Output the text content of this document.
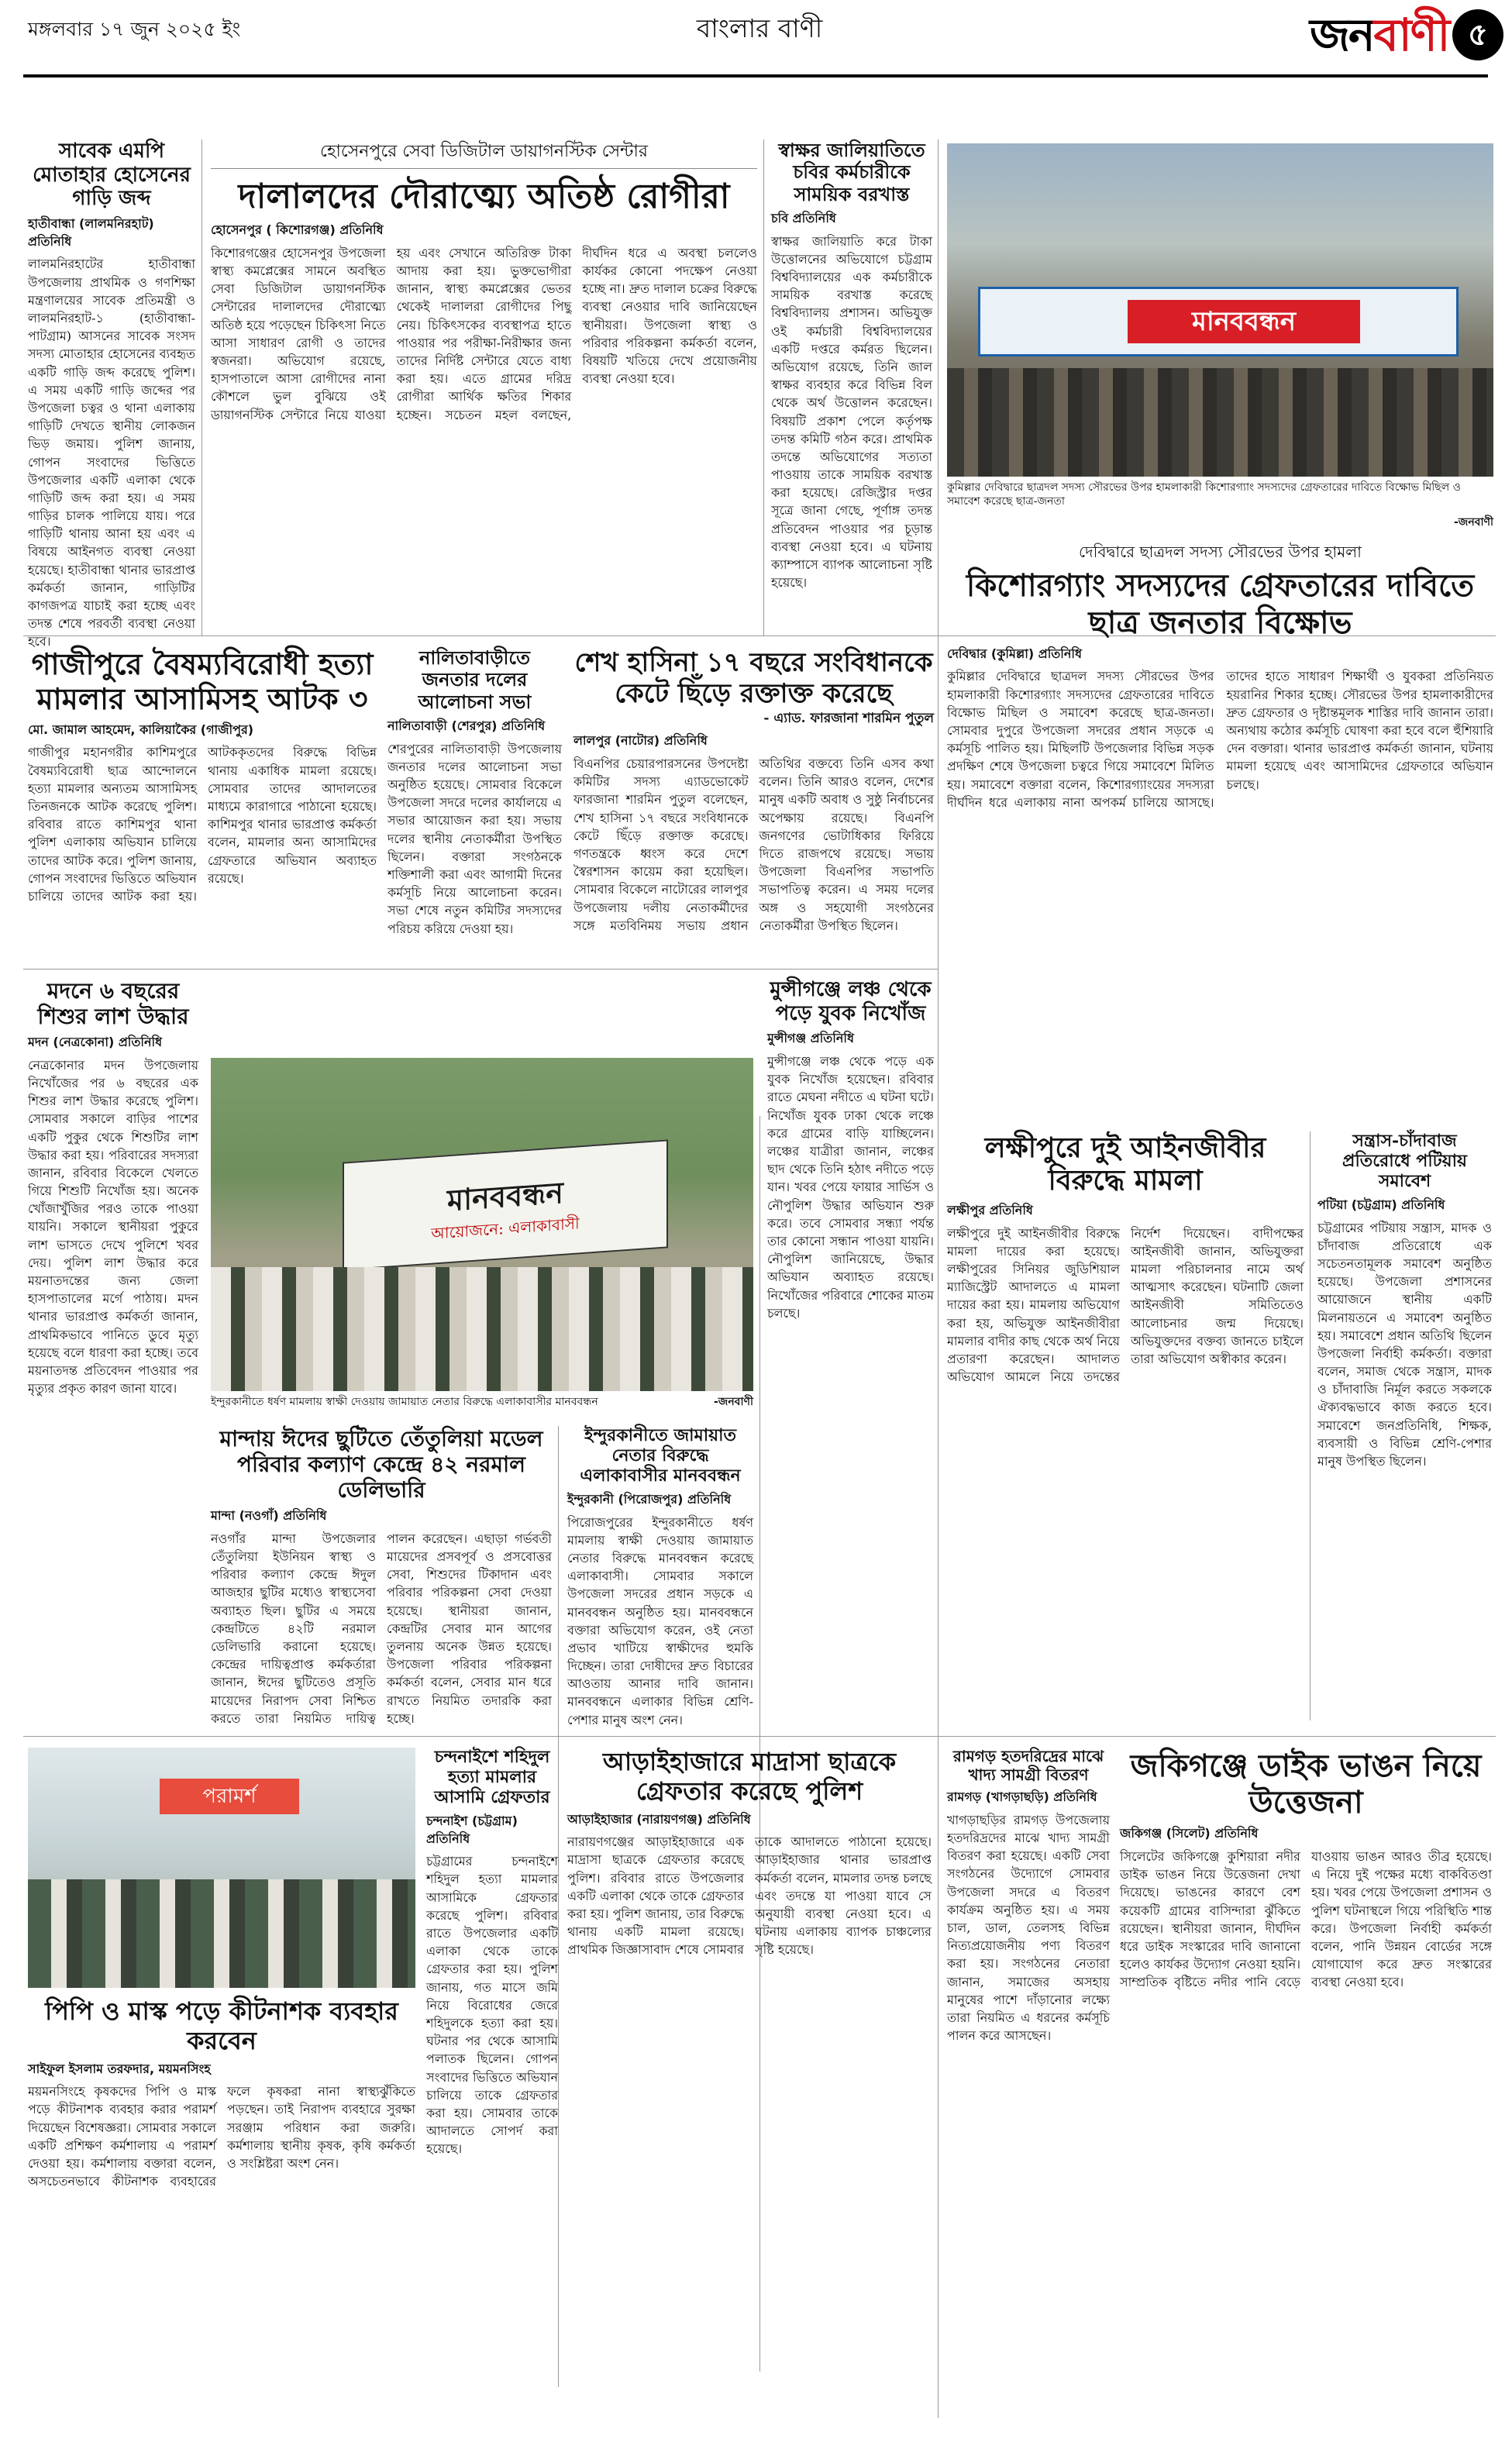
মঙ্গলবার ১৭ জুন ২০২৫ ইং	বাংলার বাণী	জনবাণী ৫
সাবেক এমপি মোতাহার হোসেনের গাড়ি জব্দ
হাতীবান্ধা (লালমনিরহাট) প্রতিনিধি

লালমনিরহাটের হাতীবান্ধা উপজেলায় প্রাথমিক ও গণশিক্ষা মন্ত্রণালয়ের সাবেক প্রতিমন্ত্রী ও লালমনিরহাট-১ (হাতীবান্ধা-পাটগ্রাম) আসনের সাবেক সংসদ সদস্য মোতাহার হোসেনের ব্যবহৃত একটি গাড়ি জব্দ করেছে পুলিশ। এ সময় একটি গাড়ি জব্দের পর উপজেলা চত্বর ও থানা এলাকায় গাড়িটি দেখতে স্থানীয় লোকজন ভিড় জমায়। পুলিশ জানায়, গোপন সংবাদের ভিত্তিতে উপজেলার একটি এলাকা থেকে গাড়িটি জব্দ করা হয়। এ সময় গাড়ির চালক পালিয়ে যায়। পরে গাড়িটি থানায় আনা হয় এবং এ বিষয়ে আইনগত ব্যবস্থা নেওয়া হয়েছে। হাতীবান্ধা থানার ভারপ্রাপ্ত কর্মকর্তা জানান, গাড়িটির কাগজপত্র যাচাই করা হচ্ছে এবং তদন্ত শেষে পরবর্তী ব্যবস্থা নেওয়া হবে।

হোসেনপুরে সেবা ডিজিটাল ডায়াগনস্টিক সেন্টার
দালালদের দৌরাত্ম্যে অতিষ্ঠ রোগীরা
হোসেনপুর ( কিশোরগঞ্জ) প্রতিনিধি

কিশোরগঞ্জের হোসেনপুর উপজেলা স্বাস্থ্য কমপ্লেক্সের সামনে অবস্থিত সেবা ডিজিটাল ডায়াগনস্টিক সেন্টারের দালালদের দৌরাত্ম্যে অতিষ্ঠ হয়ে পড়েছেন চিকিৎসা নিতে আসা সাধারণ রোগী ও তাদের স্বজনরা। অভিযোগ রয়েছে, হাসপাতালে আসা রোগীদের নানা কৌশলে ভুল বুঝিয়ে ওই ডায়াগনস্টিক সেন্টারে নিয়ে যাওয়া হয় এবং সেখানে অতিরিক্ত টাকা আদায় করা হয়। ভুক্তভোগীরা জানান, স্বাস্থ্য কমপ্লেক্সের ভেতর থেকেই দালালরা রোগীদের পিছু নেয়। চিকিৎসকের ব্যবস্থাপত্র হাতে পাওয়ার পর পরীক্ষা-নিরীক্ষার জন্য তাদের নির্দিষ্ট সেন্টারে যেতে বাধ্য করা হয়। এতে গ্রামের দরিদ্র রোগীরা আর্থিক ক্ষতির শিকার হচ্ছেন। সচেতন মহল বলছেন, দীর্ঘদিন ধরে এ অবস্থা চললেও কার্যকর কোনো পদক্ষেপ নেওয়া হচ্ছে না। দ্রুত দালাল চক্রের বিরুদ্ধে ব্যবস্থা নেওয়ার দাবি জানিয়েছেন স্থানীয়রা। উপজেলা স্বাস্থ্য ও পরিবার পরিকল্পনা কর্মকর্তা বলেন, বিষয়টি খতিয়ে দেখে প্রয়োজনীয় ব্যবস্থা নেওয়া হবে।

স্বাক্ষর জালিয়াতিতে চবির কর্মচারীকে সাময়িক বরখাস্ত
চবি প্রতিনিধি

স্বাক্ষর জালিয়াতি করে টাকা উত্তোলনের অভিযোগে চট্টগ্রাম বিশ্ববিদ্যালয়ের এক কর্মচারীকে সাময়িক বরখাস্ত করেছে বিশ্ববিদ্যালয় প্রশাসন। অভিযুক্ত ওই কর্মচারী বিশ্ববিদ্যালয়ের একটি দপ্তরে কর্মরত ছিলেন। অভিযোগ রয়েছে, তিনি জাল স্বাক্ষর ব্যবহার করে বিভিন্ন বিল থেকে অর্থ উত্তোলন করেছেন। বিষয়টি প্রকাশ পেলে কর্তৃপক্ষ তদন্ত কমিটি গঠন করে। প্রাথমিক তদন্তে অভিযোগের সত্যতা পাওয়ায় তাকে সাময়িক বরখাস্ত করা হয়েছে। রেজিস্ট্রার দপ্তর সূত্রে জানা গেছে, পূর্ণাঙ্গ তদন্ত প্রতিবেদন পাওয়ার পর চূড়ান্ত ব্যবস্থা নেওয়া হবে। এ ঘটনায় ক্যাম্পাসে ব্যাপক আলোচনা সৃষ্টি হয়েছে।

মানববন্ধন
কুমিল্লার দেবিদ্বারে ছাত্রদল সদস্য সৌরভের উপর হামলাকারী কিশোরগ্যাং সদস্যদের গ্রেফতারের দাবিতে বিক্ষোভ মিছিল ও সমাবেশ করেছে ছাত্র-জনতা
-জনবাণী
দেবিদ্বারে ছাত্রদল সদস্য সৌরভের উপর হামলা
কিশোরগ্যাং সদস্যদের গ্রেফতারের দাবিতে ছাত্র জনতার বিক্ষোভ
দেবিদ্বার (কুমিল্লা) প্রতিনিধি

কুমিল্লার দেবিদ্বারে ছাত্রদল সদস্য সৌরভের উপর হামলাকারী কিশোরগ্যাং সদস্যদের গ্রেফতারের দাবিতে বিক্ষোভ মিছিল ও সমাবেশ করেছে ছাত্র-জনতা। সোমবার দুপুরে উপজেলা সদরের প্রধান সড়কে এ কর্মসূচি পালিত হয়। মিছিলটি উপজেলার বিভিন্ন সড়ক প্রদক্ষিণ শেষে উপজেলা চত্বরে গিয়ে সমাবেশে মিলিত হয়। সমাবেশে বক্তারা বলেন, কিশোরগ্যাংয়ের সদস্যরা দীর্ঘদিন ধরে এলাকায় নানা অপকর্ম চালিয়ে আসছে। তাদের হাতে সাধারণ শিক্ষার্থী ও যুবকরা প্রতিনিয়ত হয়রানির শিকার হচ্ছে। সৌরভের উপর হামলাকারীদের দ্রুত গ্রেফতার ও দৃষ্টান্তমূলক শাস্তির দাবি জানান তারা। অন্যথায় কঠোর কর্মসূচি ঘোষণা করা হবে বলে হুঁশিয়ারি দেন বক্তারা। থানার ভারপ্রাপ্ত কর্মকর্তা জানান, ঘটনায় মামলা হয়েছে এবং আসামিদের গ্রেফতারে অভিযান চলছে।

গাজীপুরে বৈষম্যবিরোধী হত্যা মামলার আসামিসহ আটক ৩
মো. জামাল আহমেদ, কালিয়াকৈর (গাজীপুর)

গাজীপুর মহানগরীর কাশিমপুরে বৈষম্যবিরোধী ছাত্র আন্দোলনে হত্যা মামলার অন্যতম আসামিসহ তিনজনকে আটক করেছে পুলিশ। রবিবার রাতে কাশিমপুর থানা পুলিশ এলাকায় অভিযান চালিয়ে তাদের আটক করে। পুলিশ জানায়, গোপন সংবাদের ভিত্তিতে অভিযান চালিয়ে তাদের আটক করা হয়। আটককৃতদের বিরুদ্ধে বিভিন্ন থানায় একাধিক মামলা রয়েছে। সোমবার তাদের আদালতের মাধ্যমে কারাগারে পাঠানো হয়েছে। কাশিমপুর থানার ভারপ্রাপ্ত কর্মকর্তা বলেন, মামলার অন্য আসামিদের গ্রেফতারে অভিযান অব্যাহত রয়েছে।

নালিতাবাড়ীতে জনতার দলের আলোচনা সভা
নালিতাবাড়ী (শেরপুর) প্রতিনিধি

শেরপুরের নালিতাবাড়ী উপজেলায় জনতার দলের আলোচনা সভা অনুষ্ঠিত হয়েছে। সোমবার বিকেলে উপজেলা সদরে দলের কার্যালয়ে এ সভার আয়োজন করা হয়। সভায় দলের স্থানীয় নেতাকর্মীরা উপস্থিত ছিলেন। বক্তারা সংগঠনকে শক্তিশালী করা এবং আগামী দিনের কর্মসূচি নিয়ে আলোচনা করেন। সভা শেষে নতুন কমিটির সদস্যদের পরিচয় করিয়ে দেওয়া হয়।

শেখ হাসিনা ১৭ বছরে সংবিধানকে কেটে ছিঁড়ে রক্তাক্ত করেছে
- এ্যাড. ফারজানা শারমিন পুতুল
লালপুর (নাটোর) প্রতিনিধি

বিএনপির চেয়ারপারসনের উপদেষ্টা কমিটির সদস্য এ্যাডভোকেট ফারজানা শারমিন পুতুল বলেছেন, শেখ হাসিনা ১৭ বছরে সংবিধানকে কেটে ছিঁড়ে রক্তাক্ত করেছে। গণতন্ত্রকে ধ্বংস করে দেশে স্বৈরশাসন কায়েম করা হয়েছিল। সোমবার বিকেলে নাটোরের লালপুর উপজেলায় দলীয় নেতাকর্মীদের সঙ্গে মতবিনিময় সভায় প্রধান অতিথির বক্তব্যে তিনি এসব কথা বলেন। তিনি আরও বলেন, দেশের মানুষ একটি অবাধ ও সুষ্ঠু নির্বাচনের অপেক্ষায় রয়েছে। বিএনপি জনগণের ভোটাধিকার ফিরিয়ে দিতে রাজপথে রয়েছে। সভায় উপজেলা বিএনপির সভাপতি সভাপতিত্ব করেন। এ সময় দলের অঙ্গ ও সহযোগী সংগঠনের নেতাকর্মীরা উপস্থিত ছিলেন।

মদনে ৬ বছরের শিশুর লাশ উদ্ধার
মদন (নেত্রকোনা) প্রতিনিধি

নেত্রকোনার মদন উপজেলায় নিখোঁজের পর ৬ বছরের এক শিশুর লাশ উদ্ধার করেছে পুলিশ। সোমবার সকালে বাড়ির পাশের একটি পুকুর থেকে শিশুটির লাশ উদ্ধার করা হয়। পরিবারের সদস্যরা জানান, রবিবার বিকেলে খেলতে গিয়ে শিশুটি নিখোঁজ হয়। অনেক খোঁজাখুঁজির পরও তাকে পাওয়া যায়নি। সকালে স্থানীয়রা পুকুরে লাশ ভাসতে দেখে পুলিশে খবর দেয়। পুলিশ লাশ উদ্ধার করে ময়নাতদন্তের জন্য জেলা হাসপাতালের মর্গে পাঠায়। মদন থানার ভারপ্রাপ্ত কর্মকর্তা জানান, প্রাথমিকভাবে পানিতে ডুবে মৃত্যু হয়েছে বলে ধারণা করা হচ্ছে। তবে ময়নাতদন্ত প্রতিবেদন পাওয়ার পর মৃত্যুর প্রকৃত কারণ জানা যাবে।

মানববন্ধন
আয়োজনে: এলাকাবাসী
ইন্দুরকানীতে ধর্ষণ মামলায় স্বাক্ষী দেওয়ায় জামায়াত নেতার বিরুদ্ধে এলাকাবাসীর মানববন্ধন	-জনবাণী
মুন্সীগঞ্জে লঞ্চ থেকে পড়ে যুবক নিখোঁজ
মুন্সীগঞ্জ প্রতিনিধি

মুন্সীগঞ্জে লঞ্চ থেকে পড়ে এক যুবক নিখোঁজ হয়েছেন। রবিবার রাতে মেঘনা নদীতে এ ঘটনা ঘটে। নিখোঁজ যুবক ঢাকা থেকে লঞ্চে করে গ্রামের বাড়ি যাচ্ছিলেন। লঞ্চের যাত্রীরা জানান, লঞ্চের ছাদ থেকে তিনি হঠাৎ নদীতে পড়ে যান। খবর পেয়ে ফায়ার সার্ভিস ও নৌপুলিশ উদ্ধার অভিযান শুরু করে। তবে সোমবার সন্ধ্যা পর্যন্ত তার কোনো সন্ধান পাওয়া যায়নি। নৌপুলিশ জানিয়েছে, উদ্ধার অভিযান অব্যাহত রয়েছে। নিখোঁজের পরিবারে শোকের মাতম চলছে।

লক্ষীপুরে দুই আইনজীবীর বিরুদ্ধে মামলা
লক্ষীপুর প্রতিনিধি

লক্ষীপুরে দুই আইনজীবীর বিরুদ্ধে মামলা দায়ের করা হয়েছে। লক্ষীপুরের সিনিয়র জুডিশিয়াল ম্যাজিস্ট্রেট আদালতে এ মামলা দায়ের করা হয়। মামলায় অভিযোগ করা হয়, অভিযুক্ত আইনজীবীরা মামলার বাদীর কাছ থেকে অর্থ নিয়ে প্রতারণা করেছেন। আদালত অভিযোগ আমলে নিয়ে তদন্তের নির্দেশ দিয়েছেন। বাদীপক্ষের আইনজীবী জানান, অভিযুক্তরা মামলা পরিচালনার নামে অর্থ আত্মসাৎ করেছেন। ঘটনাটি জেলা আইনজীবী সমিতিতেও আলোচনার জন্ম দিয়েছে। অভিযুক্তদের বক্তব্য জানতে চাইলে তারা অভিযোগ অস্বীকার করেন।

সন্ত্রাস-চাঁদাবাজ প্রতিরোধে পটিয়ায় সমাবেশ
পটিয়া (চট্টগ্রাম) প্রতিনিধি

চট্টগ্রামের পটিয়ায় সন্ত্রাস, মাদক ও চাঁদাবাজ প্রতিরোধে এক সচেতনতামূলক সমাবেশ অনুষ্ঠিত হয়েছে। উপজেলা প্রশাসনের আয়োজনে স্থানীয় একটি মিলনায়তনে এ সমাবেশ অনুষ্ঠিত হয়। সমাবেশে প্রধান অতিথি ছিলেন উপজেলা নির্বাহী কর্মকর্তা। বক্তারা বলেন, সমাজ থেকে সন্ত্রাস, মাদক ও চাঁদাবাজি নির্মূল করতে সকলকে ঐক্যবদ্ধভাবে কাজ করতে হবে। সমাবেশে জনপ্রতিনিধি, শিক্ষক, ব্যবসায়ী ও বিভিন্ন শ্রেণি-পেশার মানুষ উপস্থিত ছিলেন।

মান্দায় ঈদের ছুটিতে তেঁতুলিয়া মডেল পরিবার কল্যাণ কেন্দ্রে ৪২ নরমাল ডেলিভারি
মান্দা (নওগাঁ) প্রতিনিধি

নওগাঁর মান্দা উপজেলার তেঁতুলিয়া ইউনিয়ন স্বাস্থ্য ও পরিবার কল্যাণ কেন্দ্রে ঈদুল আজহার ছুটির মধ্যেও স্বাস্থ্যসেবা অব্যাহত ছিল। ছুটির এ সময়ে কেন্দ্রটিতে ৪২টি নরমাল ডেলিভারি করানো হয়েছে। কেন্দ্রের দায়িত্বপ্রাপ্ত কর্মকর্তারা জানান, ঈদের ছুটিতেও প্রসূতি মায়েদের নিরাপদ সেবা নিশ্চিত করতে তারা নিয়মিত দায়িত্ব পালন করেছেন। এছাড়া গর্ভবতী মায়েদের প্রসবপূর্ব ও প্রসবোত্তর সেবা, শিশুদের টিকাদান এবং পরিবার পরিকল্পনা সেবা দেওয়া হয়েছে। স্থানীয়রা জানান, কেন্দ্রটির সেবার মান আগের তুলনায় অনেক উন্নত হয়েছে। উপজেলা পরিবার পরিকল্পনা কর্মকর্তা বলেন, সেবার মান ধরে রাখতে নিয়মিত তদারকি করা হচ্ছে।

ইন্দুরকানীতে জামায়াত নেতার বিরুদ্ধে এলাকাবাসীর মানববন্ধন
ইন্দুরকানী (পিরোজপুর) প্রতিনিধি

পিরোজপুরের ইন্দুরকানীতে ধর্ষণ মামলায় স্বাক্ষী দেওয়ায় জামায়াত নেতার বিরুদ্ধে মানববন্ধন করেছে এলাকাবাসী। সোমবার সকালে উপজেলা সদরের প্রধান সড়কে এ মানববন্ধন অনুষ্ঠিত হয়। মানববন্ধনে বক্তারা অভিযোগ করেন, ওই নেতা প্রভাব খাটিয়ে স্বাক্ষীদের হুমকি দিচ্ছেন। তারা দোষীদের দ্রুত বিচারের আওতায় আনার দাবি জানান। মানববন্ধনে এলাকার বিভিন্ন শ্রেণি-পেশার মানুষ অংশ নেন।

পরামর্শ
পিপি ও মাস্ক পড়ে কীটনাশক ব্যবহার করবেন
সাইফুল ইসলাম তরফদার, ময়মনসিংহ

ময়মনসিংহে কৃষকদের পিপি ও মাস্ক পড়ে কীটনাশক ব্যবহার করার পরামর্শ দিয়েছেন বিশেষজ্ঞরা। সোমবার সকালে একটি প্রশিক্ষণ কর্মশালায় এ পরামর্শ দেওয়া হয়। কর্মশালায় বক্তারা বলেন, অসচেতনভাবে কীটনাশক ব্যবহারের ফলে কৃষকরা নানা স্বাস্থ্যঝুঁকিতে পড়ছেন। তাই নিরাপদ ব্যবহারে সুরক্ষা সরঞ্জাম পরিধান করা জরুরি। কর্মশালায় স্থানীয় কৃষক, কৃষি কর্মকর্তা ও সংশ্লিষ্টরা অংশ নেন।

চন্দনাইশে শহিদুল হত্যা মামলার আসামি গ্রেফতার
চন্দনাইশ (চট্টগ্রাম) প্রতিনিধি

চট্টগ্রামের চন্দনাইশে শহিদুল হত্যা মামলার আসামিকে গ্রেফতার করেছে পুলিশ। রবিবার রাতে উপজেলার একটি এলাকা থেকে তাকে গ্রেফতার করা হয়। পুলিশ জানায়, গত মাসে জমি নিয়ে বিরোধের জেরে শহিদুলকে হত্যা করা হয়। ঘটনার পর থেকে আসামি পলাতক ছিলেন। গোপন সংবাদের ভিত্তিতে অভিযান চালিয়ে তাকে গ্রেফতার করা হয়। সোমবার তাকে আদালতে সোপর্দ করা হয়েছে।

আড়াইহাজারে মাদ্রাসা ছাত্রকে গ্রেফতার করেছে পুলিশ
আড়াইহাজার (নারায়ণগঞ্জ) প্রতিনিধি

নারায়ণগঞ্জের আড়াইহাজারে এক মাদ্রাসা ছাত্রকে গ্রেফতার করেছে পুলিশ। রবিবার রাতে উপজেলার একটি এলাকা থেকে তাকে গ্রেফতার করা হয়। পুলিশ জানায়, তার বিরুদ্ধে থানায় একটি মামলা রয়েছে। প্রাথমিক জিজ্ঞাসাবাদ শেষে সোমবার তাকে আদালতে পাঠানো হয়েছে। আড়াইহাজার থানার ভারপ্রাপ্ত কর্মকর্তা বলেন, মামলার তদন্ত চলছে এবং তদন্তে যা পাওয়া যাবে সে অনুযায়ী ব্যবস্থা নেওয়া হবে। এ ঘটনায় এলাকায় ব্যাপক চাঞ্চল্যের সৃষ্টি হয়েছে।

রামগড় হতদরিদ্রের মাঝে খাদ্য সামগ্রী বিতরণ
রামগড় (খাগড়াছড়ি) প্রতিনিধি

খাগড়াছড়ির রামগড় উপজেলায় হতদরিদ্রদের মাঝে খাদ্য সামগ্রী বিতরণ করা হয়েছে। একটি সেবা সংগঠনের উদ্যোগে সোমবার উপজেলা সদরে এ বিতরণ কার্যক্রম অনুষ্ঠিত হয়। এ সময় চাল, ডাল, তেলসহ বিভিন্ন নিত্যপ্রয়োজনীয় পণ্য বিতরণ করা হয়। সংগঠনের নেতারা জানান, সমাজের অসহায় মানুষের পাশে দাঁড়ানোর লক্ষ্যে তারা নিয়মিত এ ধরনের কর্মসূচি পালন করে আসছেন।

জকিগঞ্জে ডাইক ভাঙন নিয়ে উত্তেজনা
জকিগঞ্জ (সিলেট) প্রতিনিধি

সিলেটের জকিগঞ্জে কুশিয়ারা নদীর ডাইক ভাঙন নিয়ে উত্তেজনা দেখা দিয়েছে। ভাঙনের কারণে বেশ কয়েকটি গ্রামের বাসিন্দারা ঝুঁকিতে রয়েছেন। স্থানীয়রা জানান, দীর্ঘদিন ধরে ডাইক সংস্কারের দাবি জানানো হলেও কার্যকর উদ্যোগ নেওয়া হয়নি। সাম্প্রতিক বৃষ্টিতে নদীর পানি বেড়ে যাওয়ায় ভাঙন আরও তীব্র হয়েছে। এ নিয়ে দুই পক্ষের মধ্যে বাকবিতণ্ডা হয়। খবর পেয়ে উপজেলা প্রশাসন ও পুলিশ ঘটনাস্থলে গিয়ে পরিস্থিতি শান্ত করে। উপজেলা নির্বাহী কর্মকর্তা বলেন, পানি উন্নয়ন বোর্ডের সঙ্গে যোগাযোগ করে দ্রুত সংস্কারের ব্যবস্থা নেওয়া হবে।
